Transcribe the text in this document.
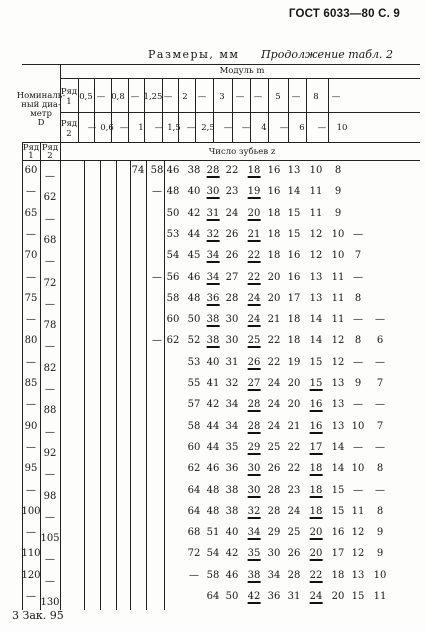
ГОСТ 6033—80 С. 9
Размеры, мм Продолжение табл. 2
Номиналь-
ный диа-
метр
D
Модуль m
Ряд
1
Ряд
2
Ряд
1
Ряд
2	Число зубьев z
0,5 — 0,8 — 1,25 — 2 — 3 — — 5 — 8 —
— 0,6 — 1 — 1,5 — 2,5 — — 4 — 6 — 10
60
—
74 58 46 38 28 22 18 16 13 10 8
—
62
— 48 40 30 23 19 16 14 11 9
65
—
50 42 31 24 20 18 15 11 9
—
68
53 44 32 26 21 18 15 12 10 —
70
—
54 45 34 26 22 18 16 12 10 7
—
72
— 56 46 34 27 22 20 16 13 11 —
75
—
58 48 36 28 24 20 17 13 11 8
—
78
60 50 38 30 24 21 18 14 11 — —
80
—
— 62 52 38 30 25 22 18 14 12 8 6
—
82
53 40 31 26 22 19 15 12 — —
85
—
55 41 32 27 24 20 15 13 9 7
—
88
57 42 34 28 24 20 16 13 — —
90
—
58 44 34 28 24 21 16 13 10 7
—
92
60 44 35 29 25 22 17 14 — —
95
—
62 46 36 30 26 22 18 14 10 8
—
98
64 48 38 30 28 23 18 15 — —
100
—
64 48 38 32 28 24 18 15 11 8
—
105
68 51 40 34 29 25 20 16 12 9
110
—
72 54 42 35 30 26 20 17 12 9
120
—
— 58 46 38 34 28 22 18 13 10
—
130
64 50 42 36 31 24 20 15 11
3 Зак. 95
